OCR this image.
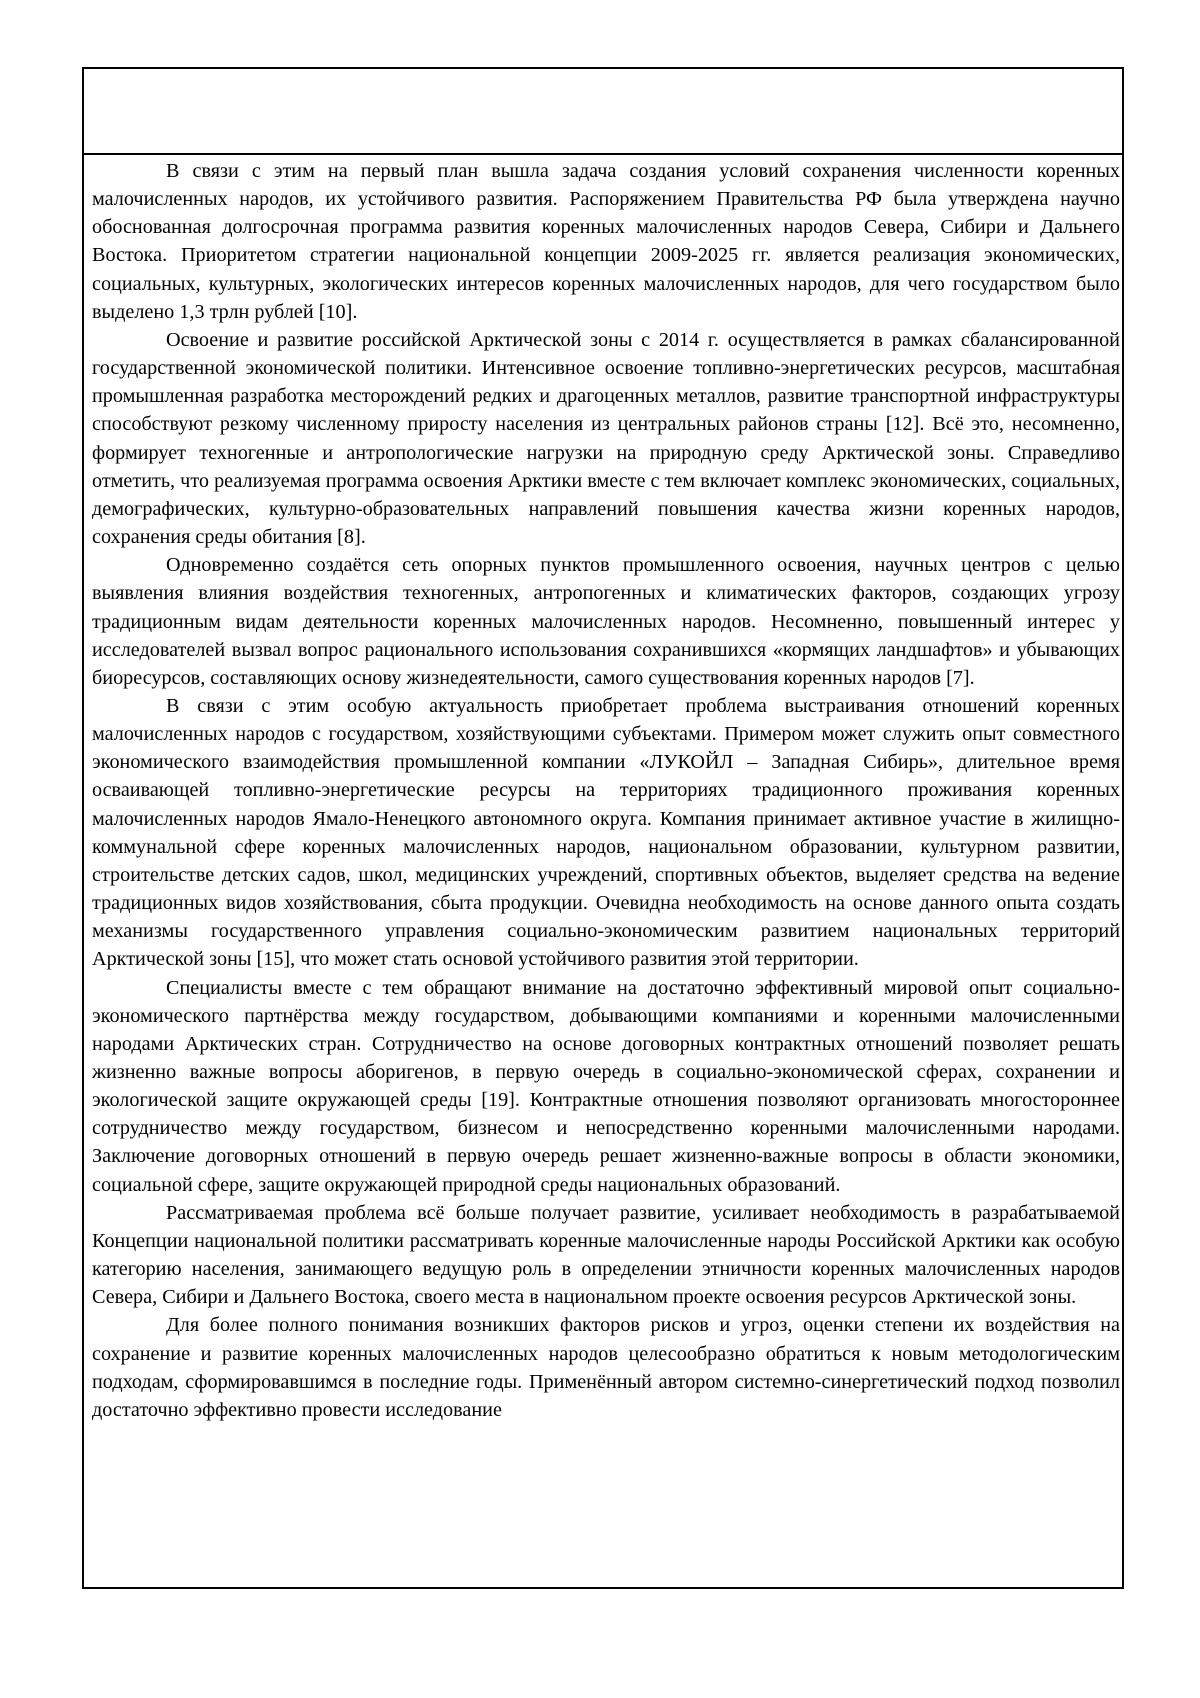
В связи с этим на первый план вышла задача создания условий сохранения численности коренных малочисленных народов, их устойчивого развития. Распоряжением Правительства РФ была утверждена научно обоснованная долгосрочная программа развития коренных малочисленных народов Севера, Сибири и Дальнего Востока. Приоритетом стратегии национальной концепции 2009-2025 гг. является реализация экономических, социальных, культурных, экологических интересов коренных малочисленных народов, для чего государством было выделено 1,3 трлн рублей [10].

Освоение и развитие российской Арктической зоны с 2014 г. осуществляется в рамках сбалансированной государственной экономической политики. Интенсивное освоение топливно-энергетических ресурсов, масштабная промышленная разработка месторождений редких и драгоценных металлов, развитие транспортной инфраструктуры способствуют резкому численному приросту населения из центральных районов страны [12]. Всё это, несомненно, формирует техногенные и антропологические нагрузки на природную среду Арктической зоны. Справедливо отметить, что реализуемая программа освоения Арктики вместе с тем включает комплекс экономических, социальных, демографических, культурно-образовательных направлений повышения качества жизни коренных народов, сохранения среды обитания [8].

Одновременно создаётся сеть опорных пунктов промышленного освоения, научных центров с целью выявления влияния воздействия техногенных, антропогенных и климатических факторов, создающих угрозу традиционным видам деятельности коренных малочисленных народов. Несомненно, повышенный интерес у исследователей вызвал вопрос рационального использования сохранившихся «кормящих ландшафтов» и убывающих биоресурсов, составляющих основу жизнедеятельности, самого существования коренных народов [7].

В связи с этим особую актуальность приобретает проблема выстраивания отношений коренных малочисленных народов с государством, хозяйствующими субъектами. Примером может служить опыт совместного экономического взаимодействия промышленной компании «ЛУКОЙЛ – Западная Сибирь», длительное время осваивающей топливно-энергетические ресурсы на территориях традиционного проживания коренных малочисленных народов Ямало-Ненецкого автономного округа. Компания принимает активное участие в жилищно-коммунальной сфере коренных малочисленных народов, национальном образовании, культурном развитии, строительстве детских садов, школ, медицинских учреждений, спортивных объектов, выделяет средства на ведение традиционных видов хозяйствования, сбыта продукции. Очевидна необходимость на основе данного опыта создать механизмы государственного управления социально-экономическим развитием национальных территорий Арктической зоны [15], что может стать основой устойчивого развития этой территории.

Специалисты вместе с тем обращают внимание на достаточно эффективный мировой опыт социально-экономического партнёрства между государством, добывающими компаниями и коренными малочисленными народами Арктических стран. Сотрудничество на основе договорных контрактных отношений позволяет решать жизненно важные вопросы аборигенов, в первую очередь в социально-экономической сферах, сохранении и экологической защите окружающей среды [19]. Контрактные отношения позволяют организовать многостороннее сотрудничество между государством, бизнесом и непосредственно коренными малочисленными народами. Заключение договорных отношений в первую очередь решает жизненно-важные вопросы в области экономики, социальной сфере, защите окружающей природной среды национальных образований.

Рассматриваемая проблема всё больше получает развитие, усиливает необходимость в разрабатываемой Концепции национальной политики рассматривать коренные малочисленные народы Российской Арктики как особую категорию населения, занимающего ведущую роль в определении этничности коренных малочисленных народов Севера, Сибири и Дальнего Востока, своего места в национальном проекте освоения ресурсов Арктической зоны.

Для более полного понимания возникших факторов рисков и угроз, оценки степени их воздействия на сохранение и развитие коренных малочисленных народов целесообразно обратиться к новым методологическим подходам, сформировавшимся в последние годы. Применённый автором системно-синергетический подход позволил достаточно эффективно провести исследование
